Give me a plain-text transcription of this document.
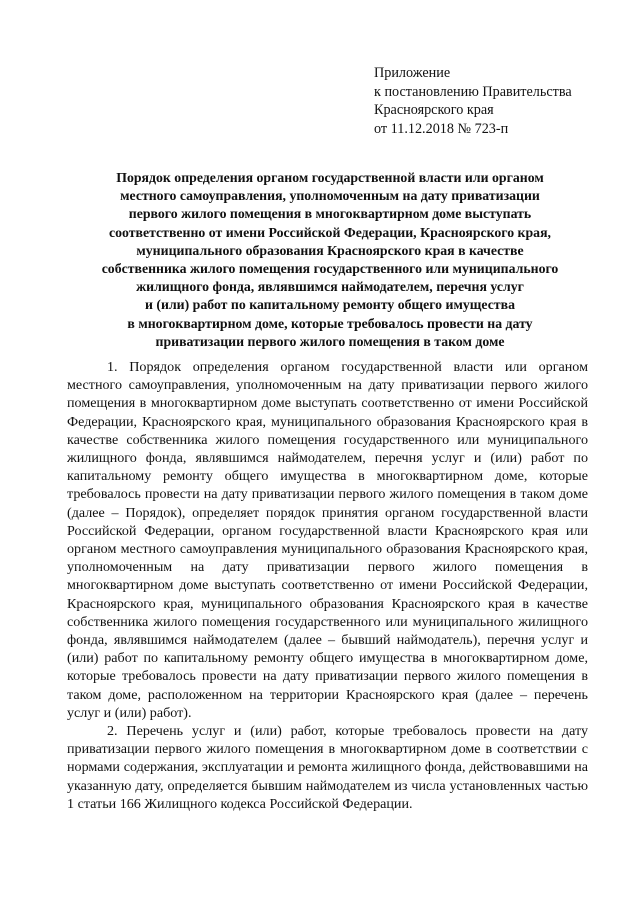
Приложение
к постановлению Правительства
Красноярского края
от 11.12.2018 № 723-п
Порядок определения органом государственной власти или органом
местного самоуправления, уполномоченным на дату приватизации
первого жилого помещения в многоквартирном доме выступать
соответственно от имени Российской Федерации, Красноярского края,
муниципального образования Красноярского края в качестве
собственника жилого помещения государственного или муниципального
жилищного фонда, являвшимся наймодателем, перечня услуг
и (или) работ по капитальному ремонту общего имущества
в многоквартирном доме, которые требовалось провести на дату
приватизации первого жилого помещения в таком доме

1. Порядок определения органом государственной власти или органом местного самоуправления, уполномоченным на дату приватизации первого жилого помещения в многоквартирном доме выступать соответственно от имени Российской Федерации, Красноярского края, муниципального образования Красноярского края в качестве собственника жилого помещения государственного или муниципального жилищного фонда, являвшимся наймодателем, перечня услуг и (или) работ по капитальному ремонту общего имущества в многоквартирном доме, которые требовалось провести на дату приватизации первого жилого помещения в таком доме (далее – Порядок), определяет порядок принятия органом государственной власти Российской Федерации, органом государственной власти Красноярского края или органом местного самоуправления муниципального образования Красноярского края, уполномоченным на дату приватизации первого жилого помещения в многоквартирном доме выступать соответственно от имени Российской Федерации, Красноярского края, муниципального образования Красноярского края в качестве собственника жилого помещения государственного или муниципального жилищного фонда, являвшимся наймодателем (далее – бывший наймодатель), перечня услуг и (или) работ по капитальному ремонту общего имущества в многоквартирном доме, которые требовалось провести на дату приватизации первого жилого помещения в таком доме, расположенном на территории Красноярского края (далее – перечень услуг и (или) работ).

2. Перечень услуг и (или) работ, которые требовалось провести на дату приватизации первого жилого помещения в многоквартирном доме в соответствии с нормами содержания, эксплуатации и ремонта жилищного фонда, действовавшими на указанную дату, определяется бывшим наймодателем из числа установленных частью 1 статьи 166 Жилищного кодекса Российской Федерации.
